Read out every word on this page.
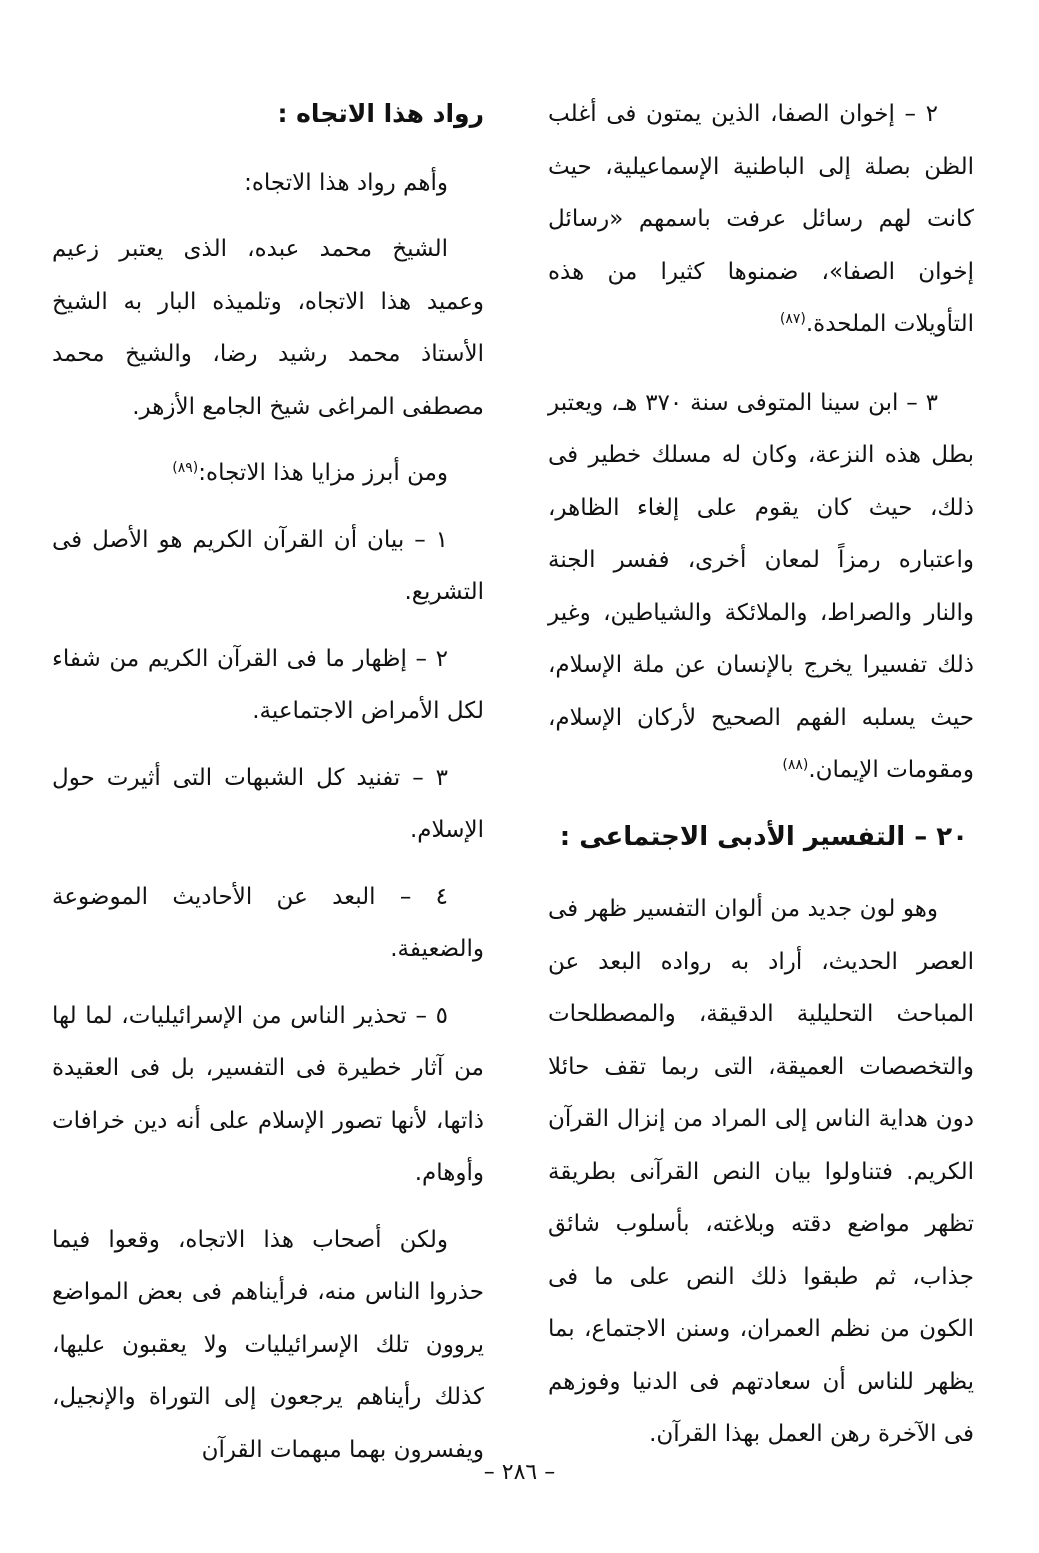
٢ – إخوان الصفا، الذين يمتون فى أغلب الظن بصلة إلى الباطنية الإسماعيلية، حيث كانت لهم رسائل عرفت باسمهم «رسائل إخوان الصفا»، ضمنوها كثيرا من هذه التأويلات الملحدة.$^{(٨٧)}$

٣ – ابن سينا المتوفى سنة ٣٧٠ هـ، ويعتبر بطل هذه النزعة، وكان له مسلك خطير فى ذلك، حيث كان يقوم على إلغاء الظاهر، واعتباره رمزاً لمعان أخرى، ففسر الجنة والنار والصراط، والملائكة والشياطين، وغير ذلك تفسيرا يخرج بالإنسان عن ملة الإسلام، حيث يسلبه الفهم الصحيح لأركان الإسلام، ومقومات الإيمان.$^{(٨٨)}$

٢٠ – التفسير الأدبى الاجتماعى :

وهو لون جديد من ألوان التفسير ظهر فى العصر الحديث، أراد به رواده البعد عن المباحث التحليلية الدقيقة، والمصطلحات والتخصصات العميقة، التى ربما تقف حائلا دون هداية الناس إلى المراد من إنزال القرآن الكريم. فتناولوا بيان النص القرآنى بطريقة تظهر مواضع دقته وبلاغته، بأسلوب شائق جذاب، ثم طبقوا ذلك النص على ما فى الكون من نظم العمران، وسنن الاجتماع، بما يظهر للناس أن سعادتهم فى الدنيا وفوزهم فى الآخرة رهن العمل بهذا القرآن.

رواد هذا الاتجاه :

وأهم رواد هذا الاتجاه:

الشيخ محمد عبده، الذى يعتبر زعيم وعميد هذا الاتجاه، وتلميذه البار به الشيخ الأستاذ محمد رشيد رضا، والشيخ محمد مصطفى المراغى شيخ الجامع الأزهر.

ومن أبرز مزايا هذا الاتجاه:$^{(٨٩)}$

١ – بيان أن القرآن الكريم هو الأصل فى التشريع.

٢ – إظهار ما فى القرآن الكريم من شفاء لكل الأمراض الاجتماعية.

٣ – تفنيد كل الشبهات التى أثيرت حول الإسلام.

٤ – البعد عن الأحاديث الموضوعة والضعيفة.

٥ – تحذير الناس من الإسرائيليات، لما لها من آثار خطيرة فى التفسير، بل فى العقيدة ذاتها، لأنها تصور الإسلام على أنه دين خرافات وأوهام.

ولكن أصحاب هذا الاتجاه، وقعوا فيما حذروا الناس منه، فرأيناهم فى بعض المواضع يروون تلك الإسرائيليات ولا يعقبون عليها، كذلك رأيناهم يرجعون إلى التوراة والإنجيل، ويفسرون بهما مبهمات القرآن

– ٢٨٦ –
